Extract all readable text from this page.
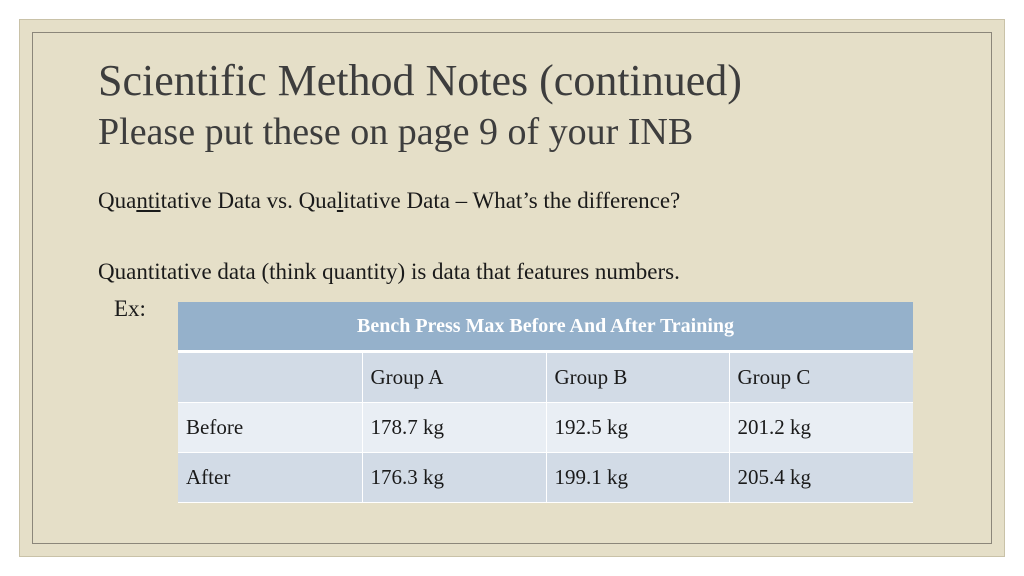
Scientific Method Notes (continued)
Please put these on page 9 of your INB

Quantitative Data vs. Qualitative Data – What’s the difference?

Quantitative data (think quantity) is data that features numbers.

Ex:

Bench Press Max Before And After Training			
	Group A	Group B	Group C
Before	178.7 kg	192.5 kg	201.2 kg
After	176.3 kg	199.1 kg	205.4 kg
